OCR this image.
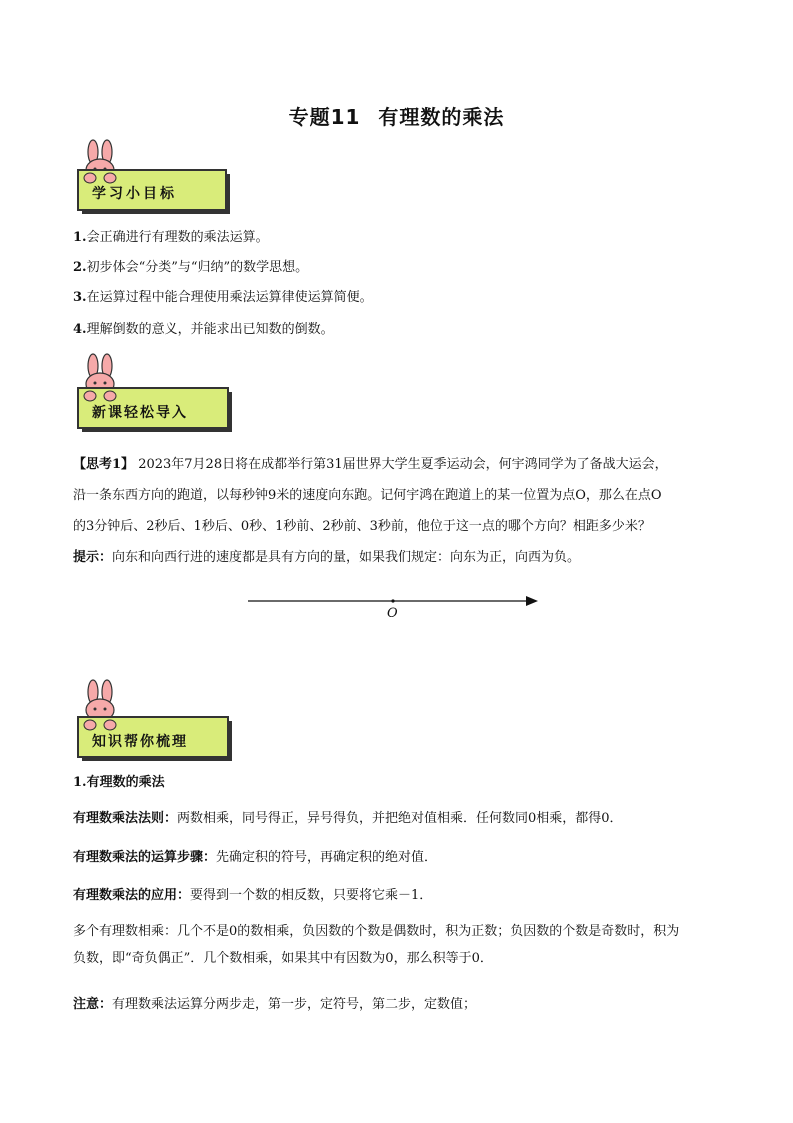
专题11 有理数的乘法
学习小目标
1.会正确进行有理数的乘法运算。
2.初步体会“分类”与“归纳”的数学思想。
3.在运算过程中能合理使用乘法运算律使运算简便。
4.理解倒数的意义，并能求出已知数的倒数。
新课轻松导入
【思考1】 2023年7月28日将在成都举行第31届世界大学生夏季运动会，何宇鸿同学为了备战大运会，
沿一条东西方向的跑道，以每秒钟9米的速度向东跑。记何宇鸿在跑道上的某一位置为点O，那么在点O
的3分钟后、2秒后、1秒后、0秒、1秒前、2秒前、3秒前，他位于这一点的哪个方向？相距多少米？
提示：向东和向西行进的速度都是具有方向的量，如果我们规定：向东为正，向西为负。
O
知识帮你梳理
1.有理数的乘法
有理数乘法法则：两数相乘，同号得正，异号得负，并把绝对值相乘．任何数同0相乘，都得0．
有理数乘法的运算步骤：先确定积的符号，再确定积的绝对值．
有理数乘法的应用：要得到一个数的相反数，只要将它乘－1．
多个有理数相乘：几个不是0的数相乘，负因数的个数是偶数时，积为正数；负因数的个数是奇数时，积为
负数，即“奇负偶正”．几个数相乘，如果其中有因数为0，那么积等于0．
注意：有理数乘法运算分两步走，第一步，定符号，第二步，定数值；
